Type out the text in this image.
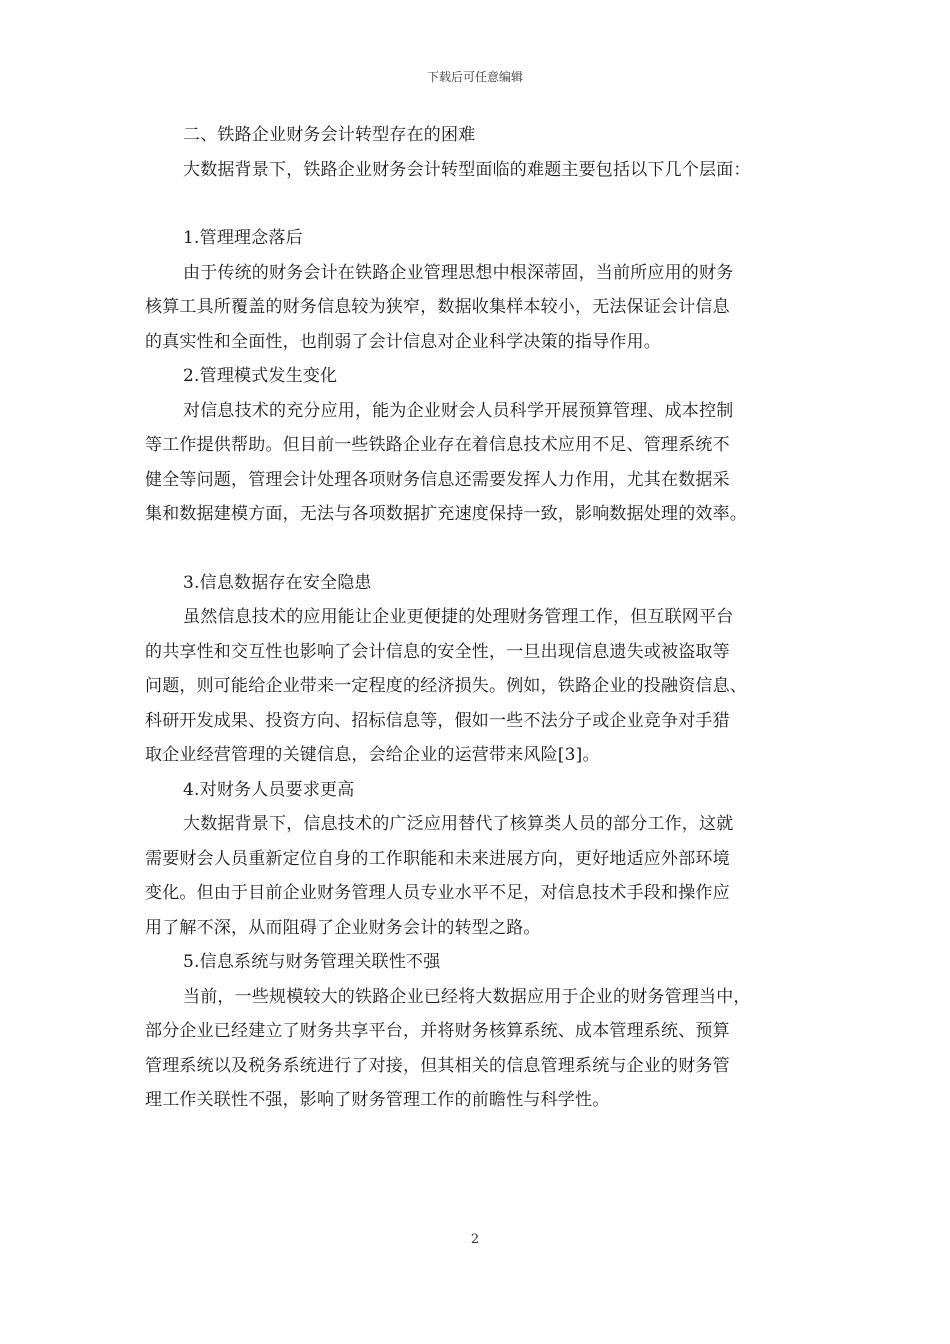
下载后可任意编辑

二、铁路企业财务会计转型存在的困难

大数据背景下，铁路企业财务会计转型面临的难题主要包括以下几个层面：

1.管理理念落后

由于传统的财务会计在铁路企业管理思想中根深蒂固，当前所应用的财务

核算工具所覆盖的财务信息较为狭窄，数据收集样本较小，无法保证会计信息

的真实性和全面性，也削弱了会计信息对企业科学决策的指导作用。

2.管理模式发生变化

对信息技术的充分应用，能为企业财会人员科学开展预算管理、成本控制

等工作提供帮助。但目前一些铁路企业存在着信息技术应用不足、管理系统不

健全等问题，管理会计处理各项财务信息还需要发挥人力作用，尤其在数据采

集和数据建模方面，无法与各项数据扩充速度保持一致，影响数据处理的效率。

3.信息数据存在安全隐患

虽然信息技术的应用能让企业更便捷的处理财务管理工作，但互联网平台

的共享性和交互性也影响了会计信息的安全性，一旦出现信息遗失或被盗取等

问题，则可能给企业带来一定程度的经济损失。例如，铁路企业的投融资信息、

科研开发成果、投资方向、招标信息等，假如一些不法分子或企业竞争对手猎

取企业经营管理的关键信息，会给企业的运营带来风险[3]。

4.对财务人员要求更高

大数据背景下，信息技术的广泛应用替代了核算类人员的部分工作，这就

需要财会人员重新定位自身的工作职能和未来进展方向，更好地适应外部环境

变化。但由于目前企业财务管理人员专业水平不足，对信息技术手段和操作应

用了解不深，从而阻碍了企业财务会计的转型之路。

5.信息系统与财务管理关联性不强

当前，一些规模较大的铁路企业已经将大数据应用于企业的财务管理当中，

部分企业已经建立了财务共享平台，并将财务核算系统、成本管理系统、预算

管理系统以及税务系统进行了对接，但其相关的信息管理系统与企业的财务管

理工作关联性不强，影响了财务管理工作的前瞻性与科学性。

2
